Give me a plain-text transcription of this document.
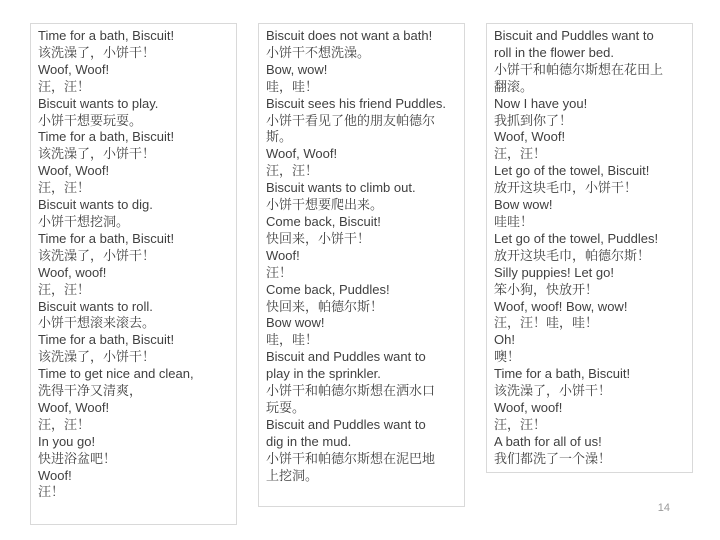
Time for a bath, Biscuit!
该洗澡了，小饼干！
Woof, Woof!
汪，汪！
Biscuit wants to play.
小饼干想要玩耍。
Time for a bath, Biscuit!
该洗澡了，小饼干！
Woof, Woof!
汪，汪！
Biscuit wants to dig.
小饼干想挖洞。
Time for a bath, Biscuit!
该洗澡了，小饼干！
Woof, woof!
汪，汪！
Biscuit wants to roll.
小饼干想滚来滚去。
Time for a bath, Biscuit!
该洗澡了，小饼干！
Time to get nice and clean,
洗得干净又清爽，
Woof, Woof!
汪，汪！
In you go!
快进浴盆吧！
Woof!
汪！
Biscuit does not want a bath!
小饼干不想洗澡。
Bow, wow!
哇，哇！
Biscuit sees his friend Puddles.
小饼干看见了他的朋友帕德尔
斯。
Woof, Woof!
汪，汪！
Biscuit wants to climb out.
小饼干想要爬出来。
Come back, Biscuit!
快回来，小饼干！
Woof!
汪！
Come back, Puddles!
快回来，帕德尔斯！
Bow wow!
哇，哇！
Biscuit and Puddles want to
play in the sprinkler.
小饼干和帕德尔斯想在洒水口
玩耍。
Biscuit and Puddles want to
dig in the mud.
小饼干和帕德尔斯想在泥巴地
上挖洞。
Biscuit and Puddles want to
roll in the flower bed.
小饼干和帕德尔斯想在花田上
翻滚。
Now I have you!
我抓到你了！
Woof, Woof!
汪，汪！
Let go of the towel, Biscuit!
放开这块毛巾，小饼干！
Bow wow!
哇哇！
Let go of the towel, Puddles!
放开这块毛巾，帕德尔斯！
Silly puppies! Let go!
笨小狗，快放开！
Woof, woof! Bow, wow!
汪，汪！哇，哇！
Oh!
噢！
Time for a bath, Biscuit!
该洗澡了，小饼干！
Woof, woof!
汪，汪！
A bath for all of us!
我们都洗了一个澡！
14
